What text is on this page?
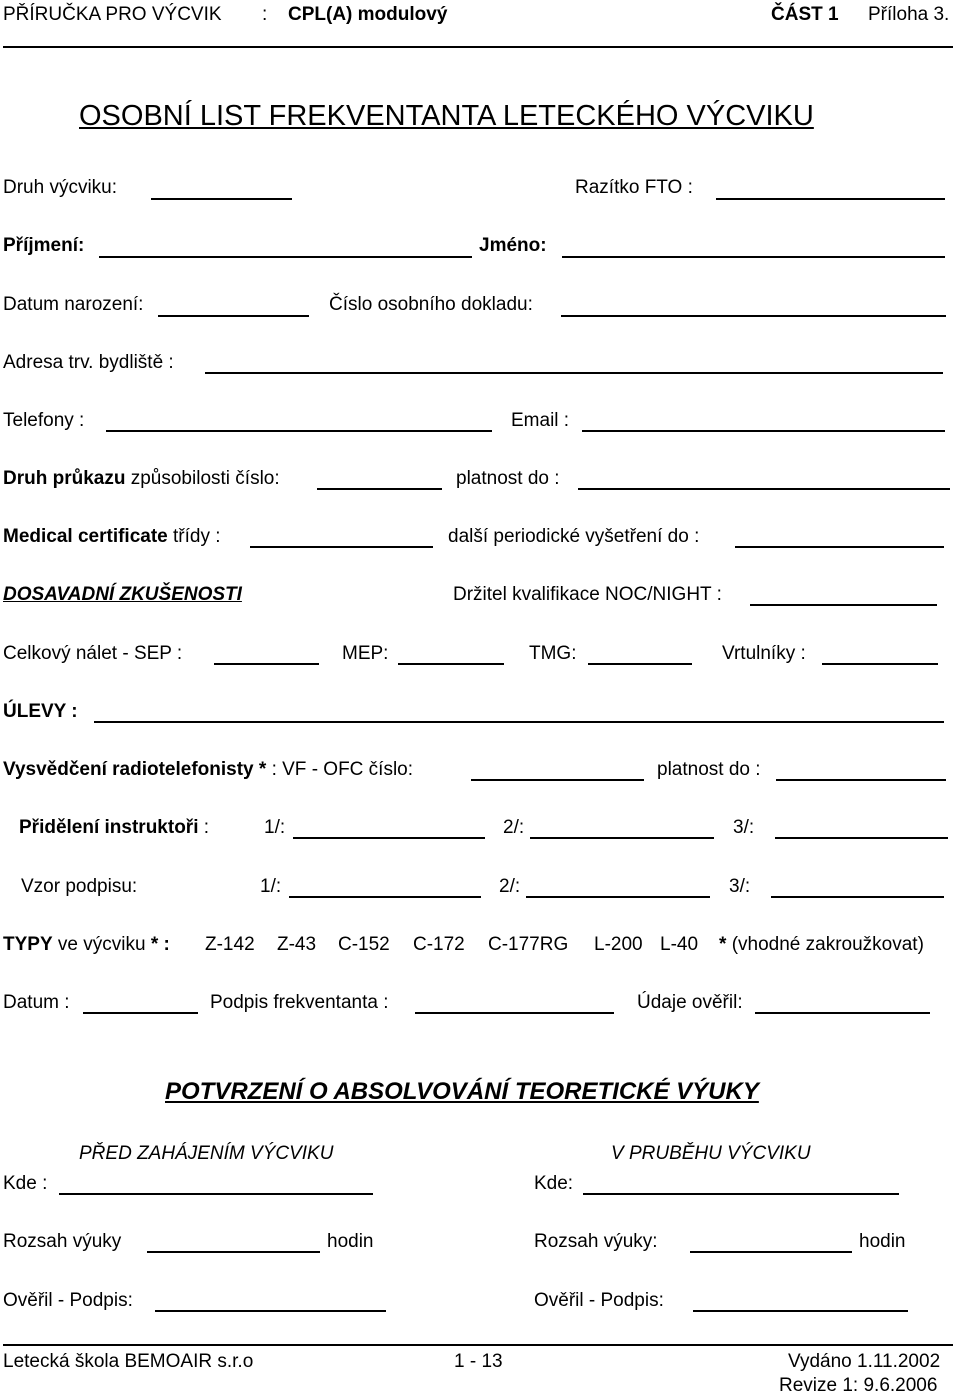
PŘÍRUČKA PRO VÝCVIK : CPL(A) modulový	ČÁST 1 Příloha 3.
OSOBNÍ LIST FREKVENTANTA LETECKÉHO VÝCVIKU
Druh výcviku:	Razítko FTO :
Příjmení:	Jméno:
Datum narození:	Číslo osobního dokladu:
Adresa trv. bydliště :
Telefony :	Email :
Druh průkazu způsobilosti číslo:	platnost do :
Medical certificate třídy :	další periodické vyšetření do :
DOSAVADNÍ ZKUŠENOSTI	Držitel kvalifikace NOC/NIGHT :
Celkový nálet - SEP :	MEP:	TMG:	Vrtulníky :
ÚLEVY :
Vysvědčení radiotelefonisty * : VF - OFC číslo:	platnost do :
Přidělení instruktoři :	1/:	2/:	3/:
Vzor podpisu:	1/:	2/:	3/:
TYPY ve výcviku * : Z-142 Z-43 C-152 C-172 C-177RG L-200 L-40 * (vhodné zakroužkovat)
Datum :	Podpis frekventanta :	Údaje ověřil:
POTVRZENÍ O ABSOLVOVÁNÍ TEORETICKÉ VÝUKY
PŘED ZAHÁJENÍM VÝCVIKU	V PRUBĚHU VÝCVIKU
Kde :	Kde:
Rozsah výuky	hodin	Rozsah výuky:	hodin
Ověřil - Podpis:	Ověřil - Podpis:
Letecká škola BEMOAIR s.r.o	1 - 13	Vydáno 1.11.2002
Revize 1: 9.6.2006
